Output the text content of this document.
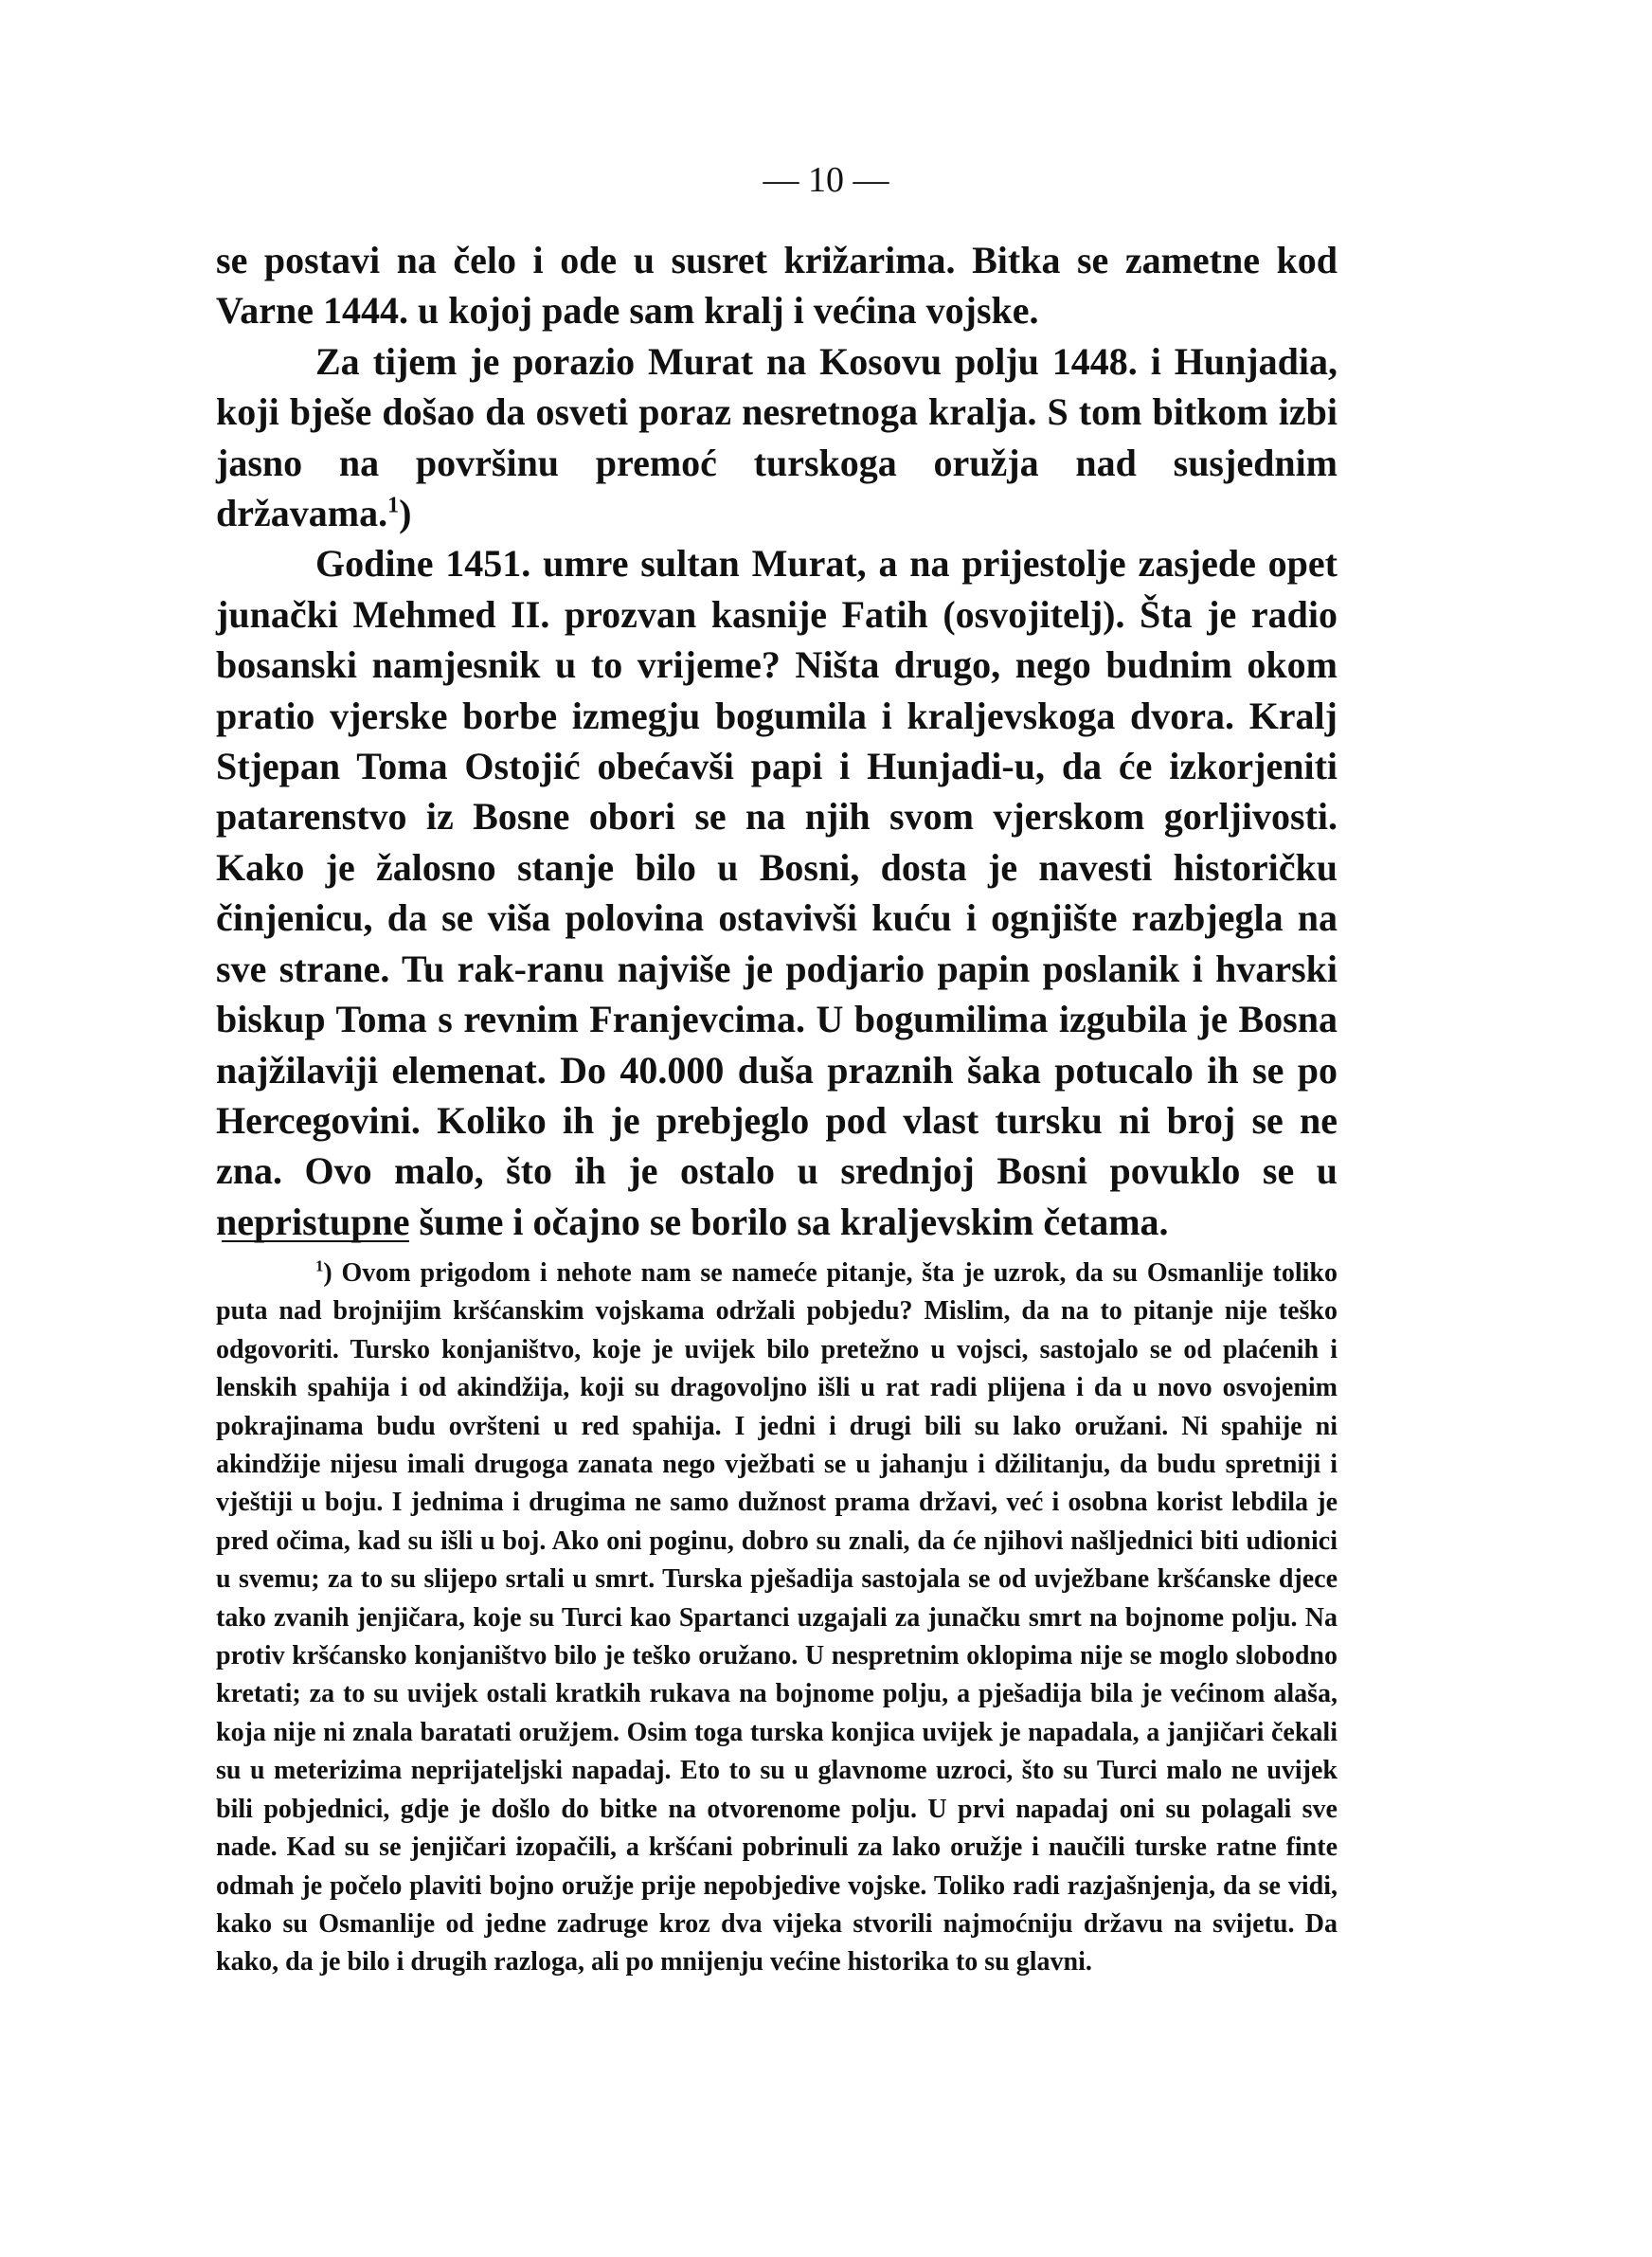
— 10 —

se postavi na čelo i ode u susret križarima. Bitka se zametne kod Varne 1444. u kojoj pade sam kralj i većina vojske.

Za tijem je porazio Murat na Kosovu polju 1448. i Hunjadia, koji bješe došao da osveti poraz nesretnoga kralja. S tom bitkom izbi jasno na površinu premoć turskoga oružja nad susjednim državama.$^1$)

Godine 1451. umre sultan Murat, a na prijestolje zasjede opet junački Mehmed II. prozvan kasnije Fatih (osvojitelj). Šta je radio bosanski namjesnik u to vrijeme? Ništa drugo, nego budnim okom pratio vjerske borbe izmegju bogumila i kraljevskoga dvora. Kralj Stjepan Toma Ostojić obećavši papi i Hunjadi-u, da će izkorjeniti patarenstvo iz Bosne obori se na njih svom vjerskom gorljivosti. Kako je žalosno stanje bilo u Bosni, dosta je navesti historičku činjenicu, da se viša polovina ostavivši kuću i ognjište razbjegla na sve strane. Tu rak-ranu najviše je podjario papin poslanik i hvarski biskup Toma s revnim Franjevcima. U bogumilima izgubila je Bosna najžilaviji elemenat. Do 40.000 duša praznih šaka potucalo ih se po Hercegovini. Koliko ih je prebjeglo pod vlast tursku ni broj se ne zna. Ovo malo, što ih je ostalo u srednjoj Bosni povuklo se u nepristupne šume i očajno se borilo sa kraljevskim četama.

$^1$) Ovom prigodom i nehote nam se nameće pitanje, šta je uzrok, da su Osmanlije toliko puta nad brojnijim kršćanskim vojskama održali pobjedu? Mislim, da na to pitanje nije teško odgovoriti. Tursko konjaništvo, koje je uvijek bilo pretežno u vojsci, sastojalo se od plaćenih i lenskih spahija i od akindžija, koji su dragovoljno išli u rat radi plijena i da u novo osvojenim pokrajinama budu ovršteni u red spahija. I jedni i drugi bili su lako oružani. Ni spahije ni akindžije nijesu imali drugoga zanata nego vježbati se u jahanju i džilitanju, da budu spretniji i vještiji u boju. I jednima i drugima ne samo dužnost prama državi, već i osobna korist lebdila je pred očima, kad su išli u boj. Ako oni poginu, dobro su znali, da će njihovi našljednici biti udionici u svemu; za to su slijepo srtali u smrt. Turska pješadija sastojala se od uvježbane kršćanske djece tako zvanih jenjičara, koje su Turci kao Spartanci uzgajali za junačku smrt na bojnome polju. Na protiv kršćansko konjaništvo bilo je teško oružano. U nespretnim oklopima nije se moglo slobodno kretati; za to su uvijek ostali kratkih rukava na bojnome polju, a pješadija bila je većinom alaša, koja nije ni znala baratati oružjem. Osim toga turska konjica uvijek je napadala, a janjičari čekali su u meterizima neprijateljski napadaj. Eto to su u glavnome uzroci, što su Turci malo ne uvijek bili pobjednici, gdje je došlo do bitke na otvorenome polju. U prvi napadaj oni su polagali sve nade. Kad su se jenjičari izopačili, a kršćani pobrinuli za lako oružje i naučili turske ratne finte odmah je počelo plaviti bojno oružje prije nepobjedive vojske. Toliko radi razjašnjenja, da se vidi, kako su Osmanlije od jedne zadruge kroz dva vijeka stvorili najmoćniju državu na svijetu. Da kako, da je bilo i drugih razloga, ali po mnijenju većine historika to su glavni.
